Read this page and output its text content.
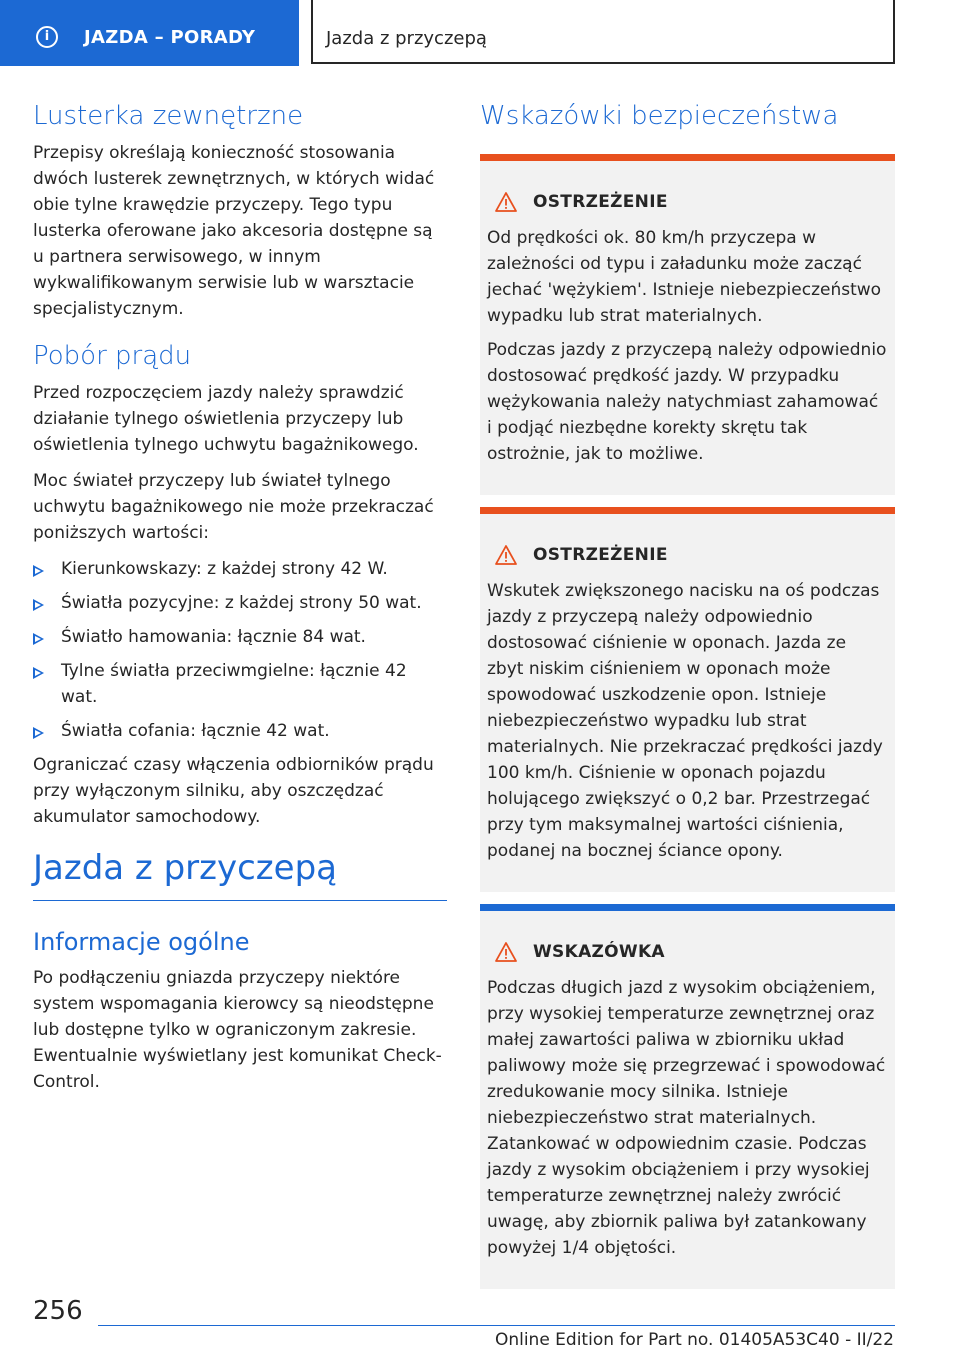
i	JAZDA – PORADY	Jazda z przyczepą
Lusterka zewnętrzne

Przepisy określają konieczność stosowania dwóch lusterek zewnętrznych, w których widać obie tylne krawędzie przyczepy. Tego typu lusterka oferowane jako akcesoria dostępne są u partnera serwisowego, w innym wykwalifikowanym serwisie lub w warsztacie specjalistycznym.

Pobór prądu

Przed rozpoczęciem jazdy należy sprawdzić działanie tylnego oświetlenia przyczepy lub oświetlenia tylnego uchwytu bagażnikowego.

Moc świateł przyczepy lub świateł tylnego uchwytu bagażnikowego nie może przekraczać poniższych wartości:

Kierunkowskazy: z każdej strony 42 W.
Światła pozycyjne: z każdej strony 50 wat.
Światło hamowania: łącznie 84 wat.
Tylne światła przeciwmgielne: łącznie 42 wat.
Światła cofania: łącznie 42 wat.

Ograniczać czasy włączenia odbiorników prądu przy wyłączonym silniku, aby oszczędzać akumulator samochodowy.

Jazda z przyczepą
Informacje ogólne

Po podłączeniu gniazda przyczepy niektóre system wspomagania kierowcy są nieodstępne lub dostępne tylko w ograniczonym zakresie. Ewentualnie wyświetlany jest komunikat Check-Control.

Wskazówki bezpieczeństwa
OSTRZEŻENIE

Od prędkości ok. 80 km/h przyczepa w zależności od typu i załadunku może zacząć jechać 'wężykiem'. Istnieje niebezpieczeństwo wypadku lub strat materialnych.

Podczas jazdy z przyczepą należy odpowiednio dostosować prędkość jazdy. W przypadku wężykowania należy natychmiast zahamować i podjąć niezbędne korekty skrętu tak ostrożnie, jak to możliwe.

OSTRZEŻENIE

Wskutek zwiększonego nacisku na oś podczas jazdy z przyczepą należy odpowiednio dostosować ciśnienie w oponach. Jazda ze zbyt niskim ciśnieniem w oponach może spowodować uszkodzenie opon. Istnieje niebezpieczeństwo wypadku lub strat materialnych. Nie przekraczać prędkości jazdy 100 km/h. Ciśnienie w oponach pojazdu holującego zwiększyć o 0,2 bar. Przestrzegać przy tym maksymalnej wartości ciśnienia, podanej na bocznej ściance opony.

WSKAZÓWKA

Podczas długich jazd z wysokim obciążeniem, przy wysokiej temperaturze zewnętrznej oraz małej zawartości paliwa w zbiorniku układ paliwowy może się przegrzewać i spowodować zredukowanie mocy silnika. Istnieje niebezpieczeństwo strat materialnych. Zatankować w odpowiednim czasie. Podczas jazdy z wysokim obciążeniem i przy wysokiej temperaturze zewnętrznej należy zwrócić uwagę, aby zbiornik paliwa był zatankowany powyżej 1/4 objętości.

256
Online Edition for Part no. 01405A53C40 - II/22
